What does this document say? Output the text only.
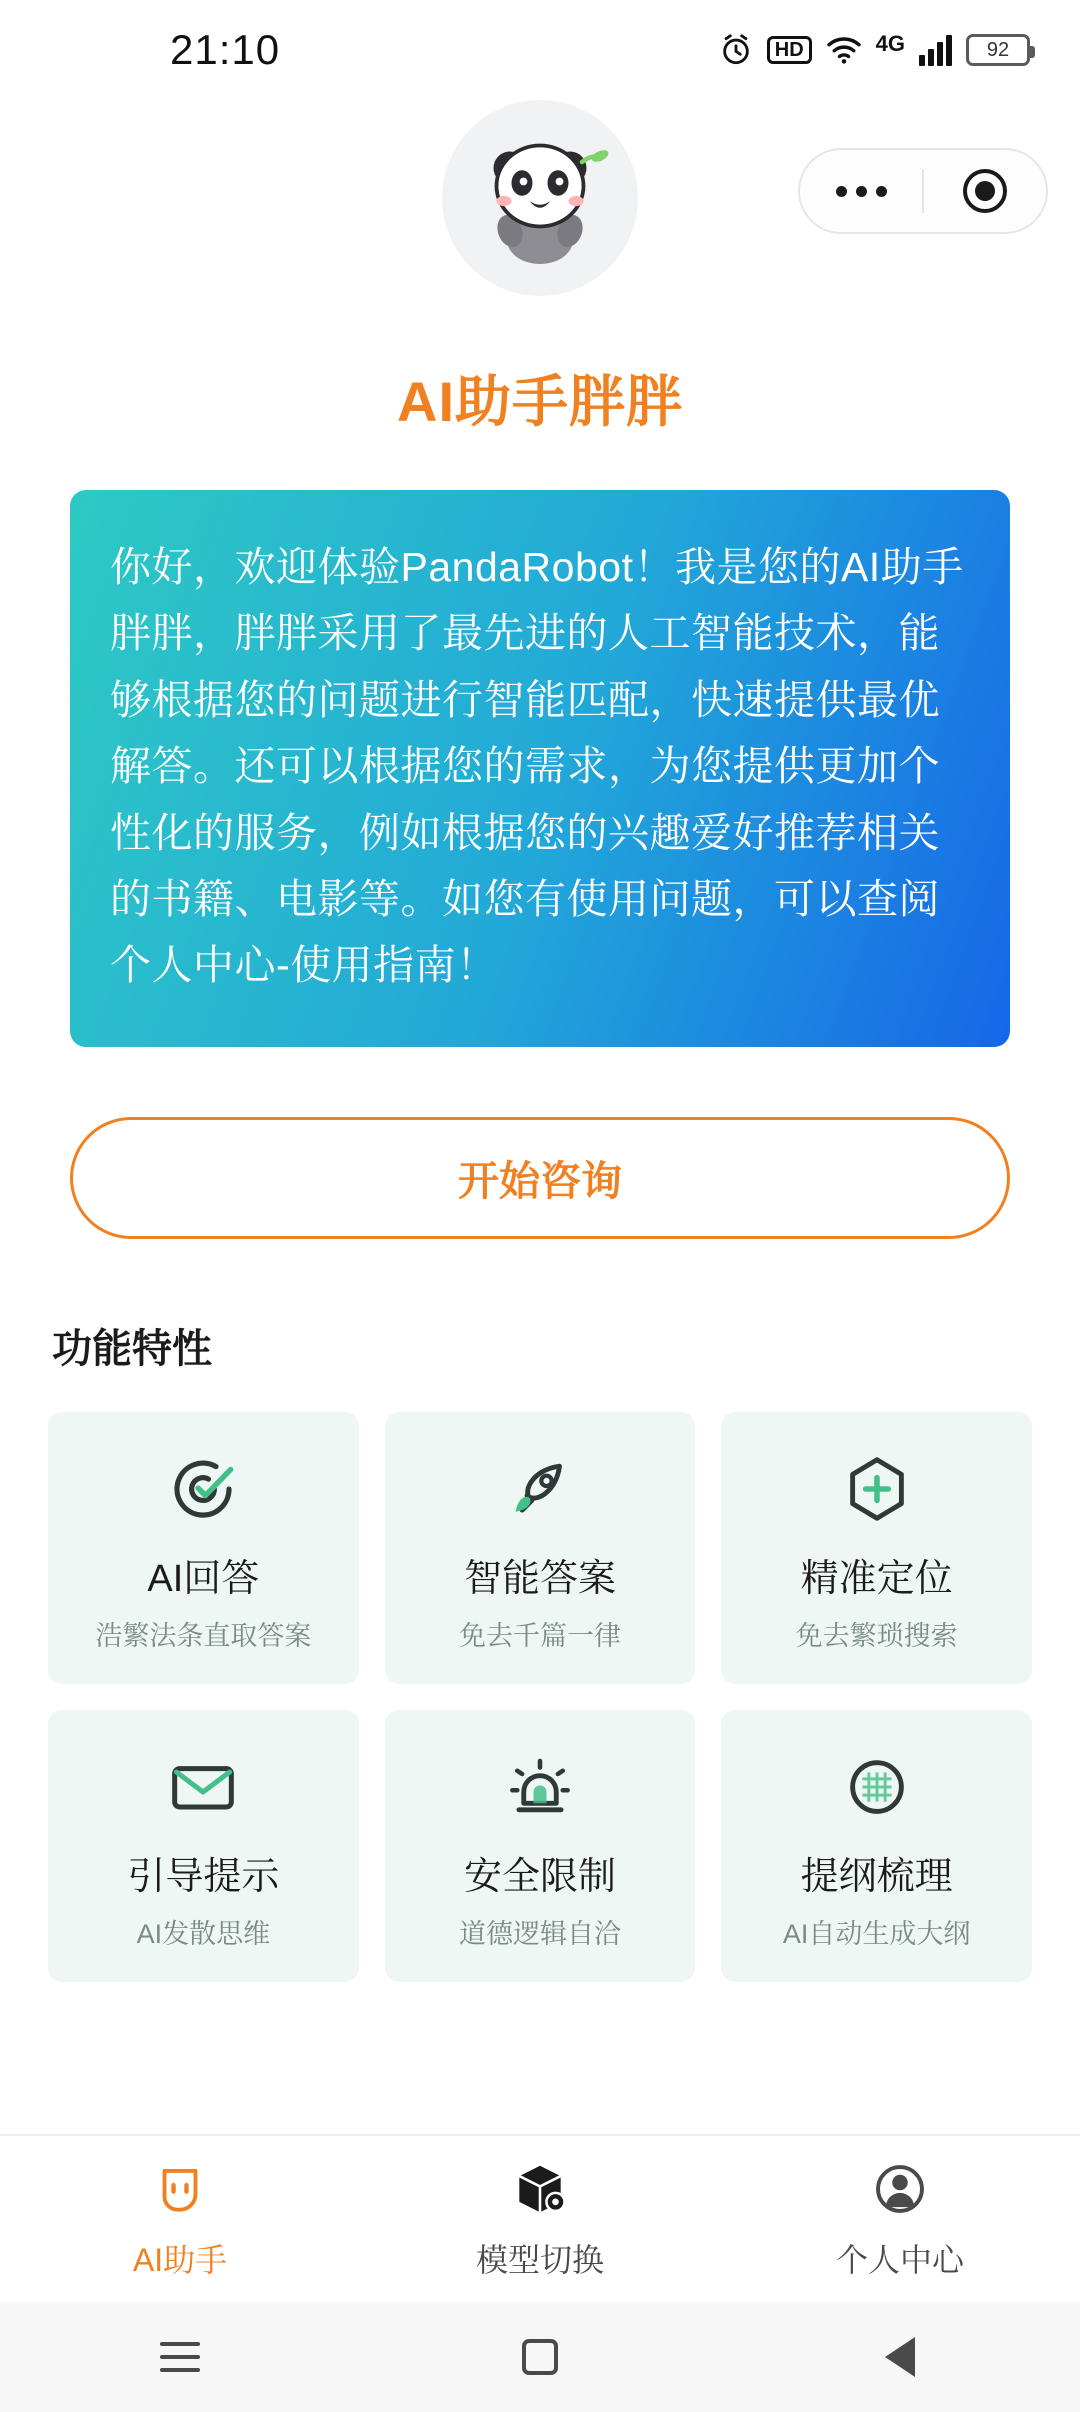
21:10	HD	4G	92
AI助手胖胖
你好，欢迎体验PandaRobot！我是您的AI助手胖胖，胖胖采用了最先进的人工智能技术，能够根据您的问题进行智能匹配，快速提供最优解答。还可以根据您的需求，为您提供更加个性化的服务，例如根据您的兴趣爱好推荐相关的书籍、电影等。如您有使用问题，可以查阅个人中心-使用指南！
开始咨询
功能特性
AI回答
浩繁法条直取答案
智能答案
免去千篇一律
精准定位
免去繁琐搜索
引导提示
AI发散思维
安全限制
道德逻辑自洽
提纲梳理
AI自动生成大纲
AI助手	模型切换	个人中心
